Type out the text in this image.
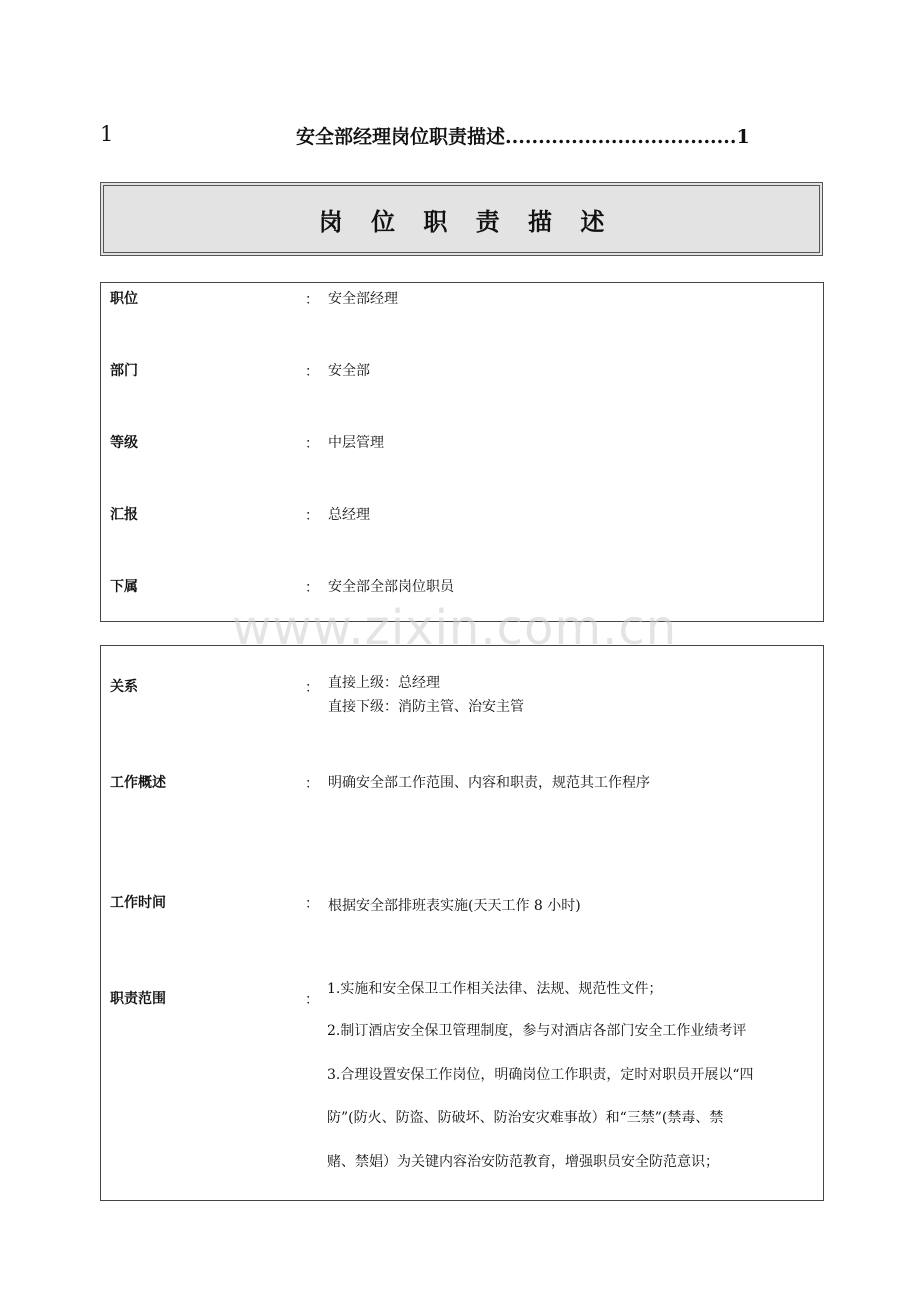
1	安全部经理岗位职责描述...................................1
岗 位 职 责 描 述
职位	： 安全部经理
部门	： 安全部
等级	： 中层管理
汇报	： 总经理
下属	： 安全部全部岗位职员
关系	： 直接上级：总经理
直接下级：消防主管、治安主管
工作概述	： 明确安全部工作范围、内容和职责，规范其工作程序
工作时间	： 根据安全部排班表实施(天天工作 8 小时)
职责范围	：
1.实施和安全保卫工作相关法律、法规、规范性文件；
2.制订酒店安全保卫管理制度，参与对酒店各部门安全工作业绩考评
3.合理设置安保工作岗位，明确岗位工作职责，定时对职员开展以“四
防”(防火、防盗、防破坏、防治安灾难事故）和“三禁”(禁毒、禁
赌、禁娼）为关键内容治安防范教育，增强职员安全防范意识；
www.zixin.com.cn
